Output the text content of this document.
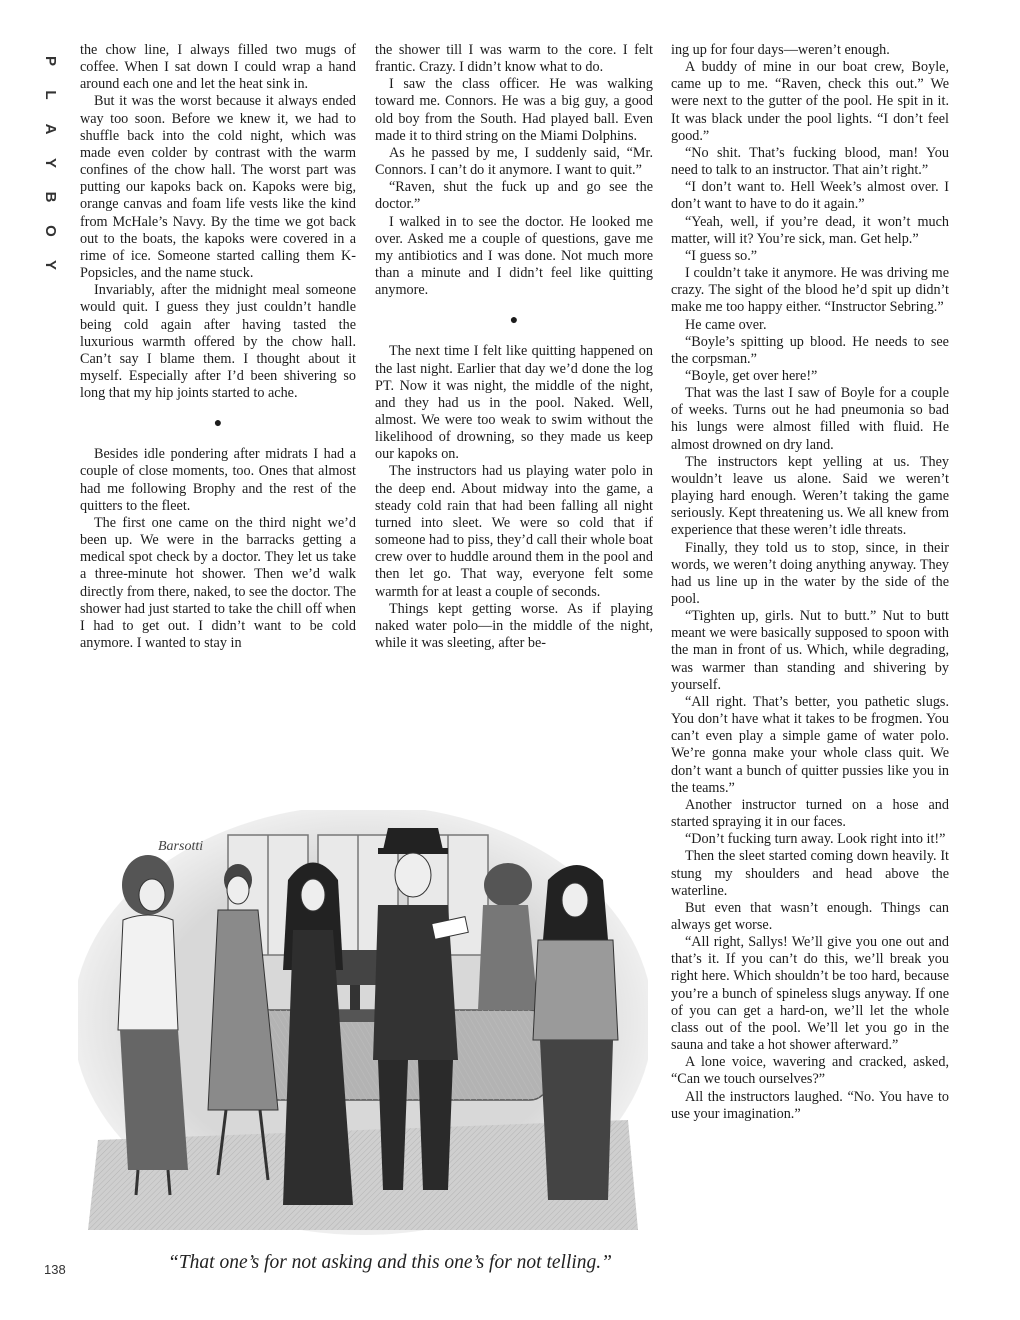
P
L
A
Y
B
O
Y

the chow line, I always filled two mugs of coffee. When I sat down I could wrap a hand around each one and let the heat sink in.

But it was the worst because it always ended way too soon. Before we knew it, we had to shuffle back into the cold night, which was made even colder by contrast with the warm confines of the chow hall. The worst part was putting our kapoks back on. Kapoks were big, orange canvas and foam life vests like the kind from McHale’s Navy. By the time we got back out to the boats, the kapoks were covered in a rime of ice. Someone started calling them K-Popsicles, and the name stuck.

Invariably, after the midnight meal someone would quit. I guess they just couldn’t handle being cold again after having tasted the luxurious warmth offered by the chow hall. Can’t say I blame them. I thought about it myself. Especially after I’d been shivering so long that my hip joints started to ache.

●

Besides idle pondering after midrats I had a couple of close moments, too. Ones that almost had me following Brophy and the rest of the quitters to the fleet.

The first one came on the third night we’d been up. We were in the barracks getting a medical spot check by a doctor. They let us take a three-minute hot shower. Then we’d walk directly from there, naked, to see the doctor. The shower had just started to take the chill off when I had to get out. I didn’t want to be cold anymore. I wanted to stay in

the shower till I was warm to the core. I felt frantic. Crazy. I didn’t know what to do.

I saw the class officer. He was walking toward me. Connors. He was a big guy, a good old boy from the South. Had played ball. Even made it to third string on the Miami Dolphins.

As he passed by me, I suddenly said, “Mr. Connors. I can’t do it anymore. I want to quit.”

“Raven, shut the fuck up and go see the doctor.”

I walked in to see the doctor. He looked me over. Asked me a couple of questions, gave me my antibiotics and I was done. Not much more than a minute and I didn’t feel like quitting anymore.

●

The next time I felt like quitting happened on the last night. Earlier that day we’d done the log PT. Now it was night, the middle of the night, and they had us in the pool. Naked. Well, almost. We were too weak to swim without the likelihood of drowning, so they made us keep our kapoks on.

The instructors had us playing water polo in the deep end. About midway into the game, a steady cold rain that had been falling all night turned into sleet. We were so cold that if someone had to piss, they’d call their whole boat crew over to huddle around them in the pool and then let go. That way, everyone felt some warmth for at least a couple of seconds.

Things kept getting worse. As if playing naked water polo—in the middle of the night, while it was sleeting, after be-

ing up for four days—weren’t enough.

A buddy of mine in our boat crew, Boyle, came up to me. “Raven, check this out.” We were next to the gutter of the pool. He spit in it. It was black under the pool lights. “I don’t feel good.”

“No shit. That’s fucking blood, man! You need to talk to an instructor. That ain’t right.”

“I don’t want to. Hell Week’s almost over. I don’t want to have to do it again.”

“Yeah, well, if you’re dead, it won’t much matter, will it? You’re sick, man. Get help.”

“I guess so.”

I couldn’t take it anymore. He was driving me crazy. The sight of the blood he’d spit up didn’t make me too happy either. “Instructor Sebring.”

He came over.

“Boyle’s spitting up blood. He needs to see the corpsman.”

“Boyle, get over here!”

That was the last I saw of Boyle for a couple of weeks. Turns out he had pneumonia so bad his lungs were almost filled with fluid. He almost drowned on dry land.

The instructors kept yelling at us. They wouldn’t leave us alone. Said we weren’t playing hard enough. Weren’t taking the game seriously. Kept threatening us. We all knew from experience that these weren’t idle threats.

Finally, they told us to stop, since, in their words, we weren’t doing anything anyway. They had us line up in the water by the side of the pool.

“Tighten up, girls. Nut to butt.” Nut to butt meant we were basically supposed to spoon with the man in front of us. Which, while degrading, was warmer than standing and shivering by yourself.

“All right. That’s better, you pathetic slugs. You don’t have what it takes to be frogmen. You can’t even play a simple game of water polo. We’re gonna make your whole class quit. We don’t want a bunch of quitter pussies like you in the teams.”

Another instructor turned on a hose and started spraying it in our faces.

“Don’t fucking turn away. Look right into it!”

Then the sleet started coming down heavily. It stung my shoulders and head above the waterline.

But even that wasn’t enough. Things can always get worse.

“All right, Sallys! We’ll give you one out and that’s it. If you can’t do this, we’ll break you right here. Which shouldn’t be too hard, because you’re a bunch of spineless slugs anyway. If one of you can get a hard-on, we’ll let the whole class out of the pool. We’ll let you go in the sauna and take a hot shower afterward.”

A lone voice, wavering and cracked, asked, “Can we touch ourselves?”

All the instructors laughed. “No. You have to use your imagination.”

Barsotti
“That one’s for not asking and this one’s for not telling.”
138
